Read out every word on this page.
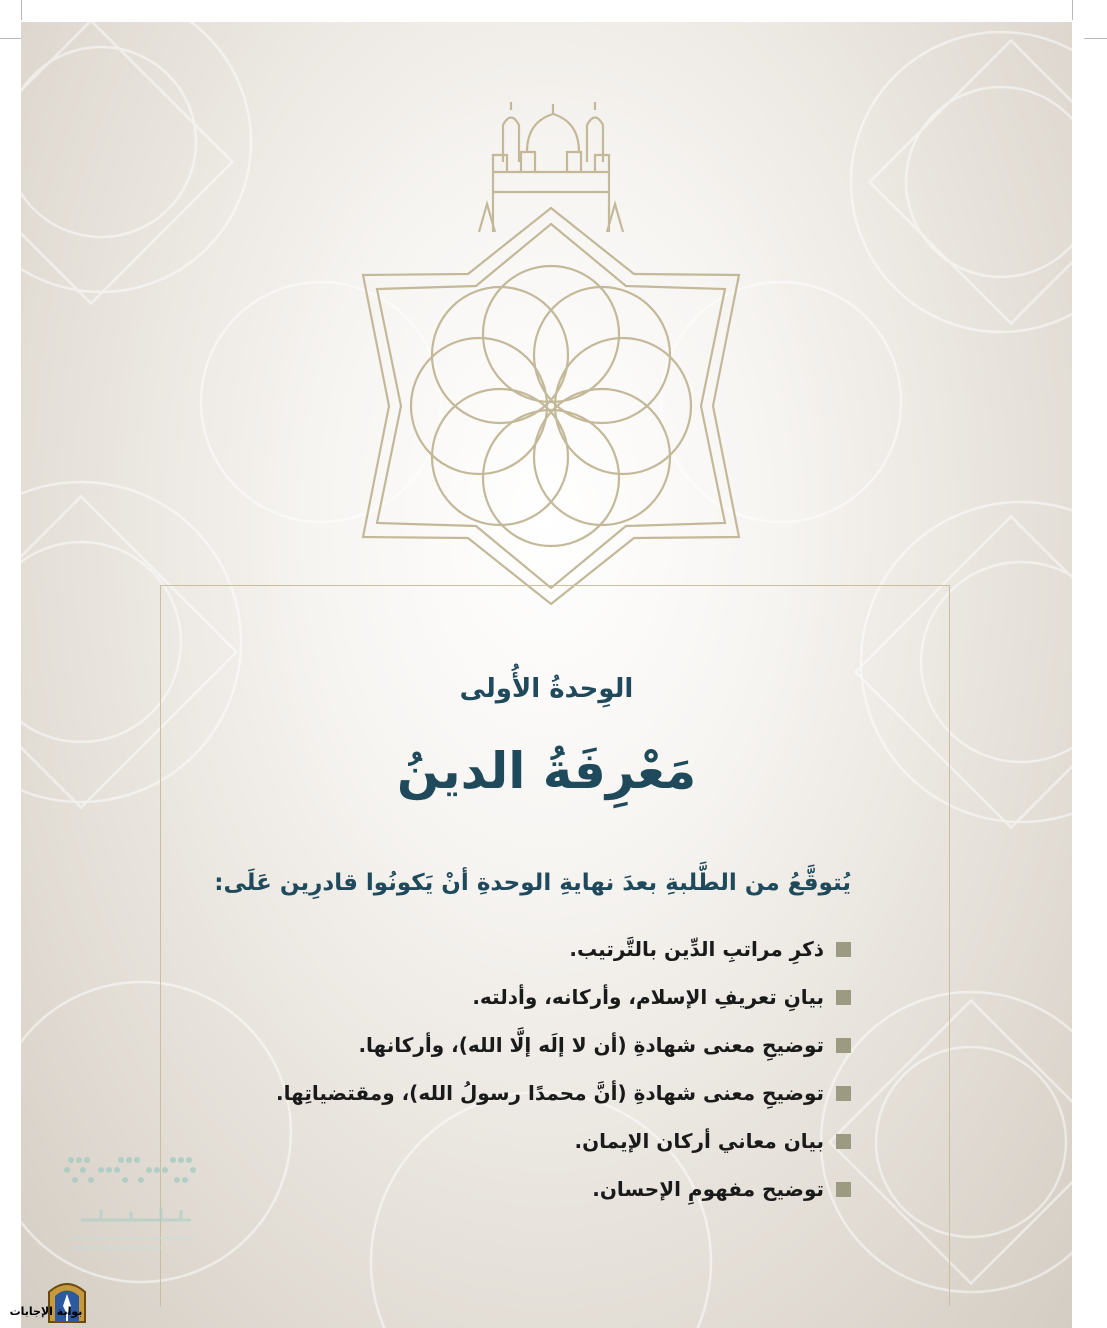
الوِحدةُ الأُولى
مَعْرِفَةُ الدينُ
يُتوقَّعُ من الطَّلبةِ بعدَ نهايةِ الوحدةِ أنْ يَكونُوا قادرِين عَلَى:
ذكرِ مراتبِ الدِّين بالتَّرتيب.
بيانِ تعريفِ الإسلام، وأركانه، وأدلته.
توضيحِ معنى شهادةِ (أن لا إلَه إلَّا الله)، وأركانها.
توضيحِ معنى شهادةِ (أنَّ محمدًا رسولُ الله)، ومقتضياتِها.
بيان معاني أركان الإيمان.
توضيح مفهومِ الإحسان.
بوابة الإجابات
